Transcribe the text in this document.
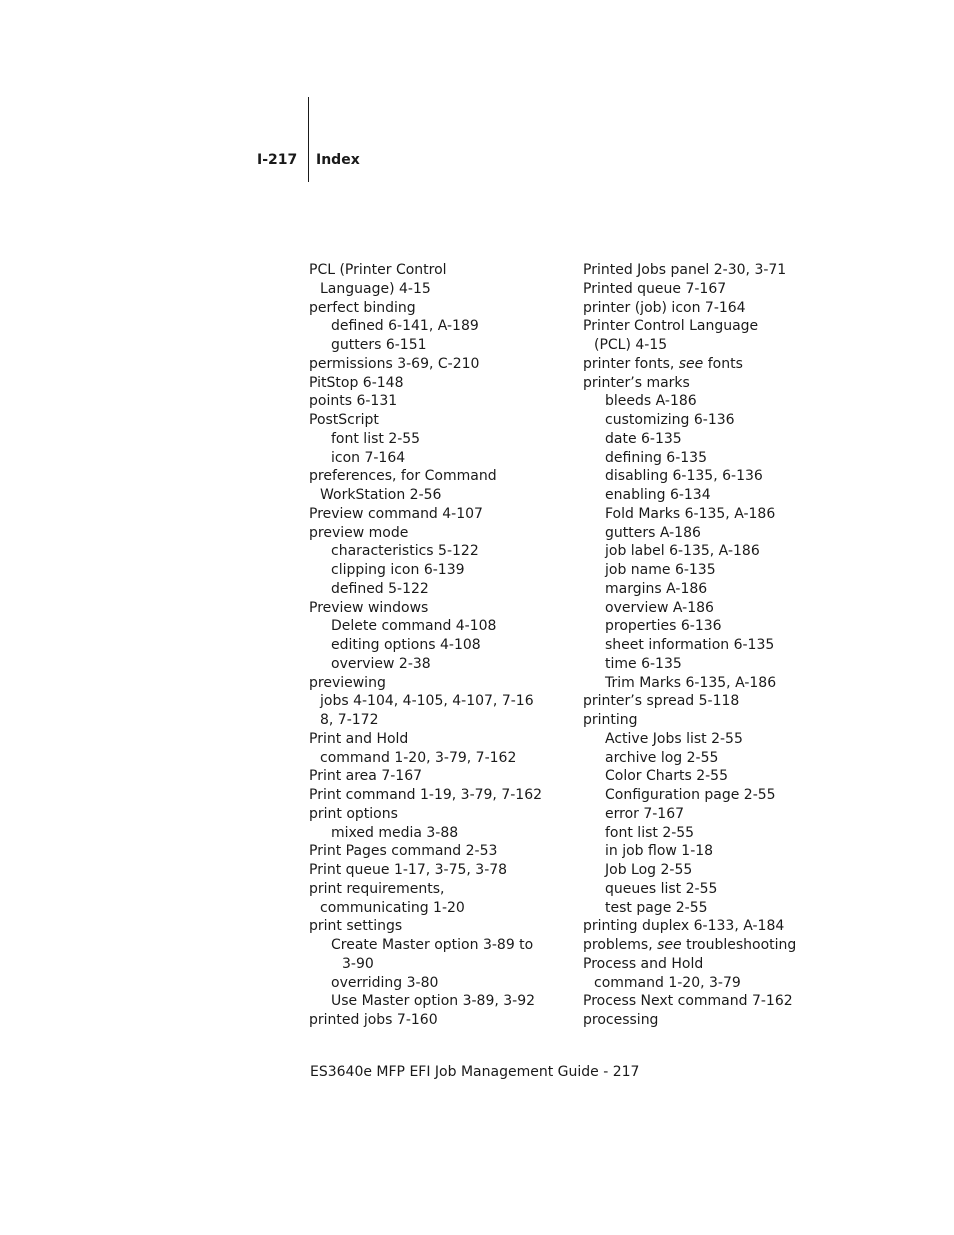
I-217 Index
PCL (Printer Control
Language) 4-15
perfect binding
defined 6-141, A-189
gutters 6-151
permissions 3-69, C-210
PitStop 6-148
points 6-131
PostScript
font list 2-55
icon 7-164
preferences, for Command
WorkStation 2-56
Preview command 4-107
preview mode
characteristics 5-122
clipping icon 6-139
defined 5-122
Preview windows
Delete command 4-108
editing options 4-108
overview 2-38
previewing
jobs 4-104, 4-105, 4-107, 7-16
8, 7-172
Print and Hold
command 1-20, 3-79, 7-162
Print area 7-167
Print command 1-19, 3-79, 7-162
print options
mixed media 3-88
Print Pages command 2-53
Print queue 1-17, 3-75, 3-78
print requirements,
communicating 1-20
print settings
Create Master option 3-89 to
3-90
overriding 3-80
Use Master option 3-89, 3-92
printed jobs 7-160
Printed Jobs panel 2-30, 3-71
Printed queue 7-167
printer (job) icon 7-164
Printer Control Language
(PCL) 4-15
printer fonts, see fonts
printer’s marks
bleeds A-186
customizing 6-136
date 6-135
defining 6-135
disabling 6-135, 6-136
enabling 6-134
Fold Marks 6-135, A-186
gutters A-186
job label 6-135, A-186
job name 6-135
margins A-186
overview A-186
properties 6-136
sheet information 6-135
time 6-135
Trim Marks 6-135, A-186
printer’s spread 5-118
printing
Active Jobs list 2-55
archive log 2-55
Color Charts 2-55
Configuration page 2-55
error 7-167
font list 2-55
in job flow 1-18
Job Log 2-55
queues list 2-55
test page 2-55
printing duplex 6-133, A-184
problems, see troubleshooting
Process and Hold
command 1-20, 3-79
Process Next command 7-162
processing
ES3640e MFP EFI Job Management Guide - 217
